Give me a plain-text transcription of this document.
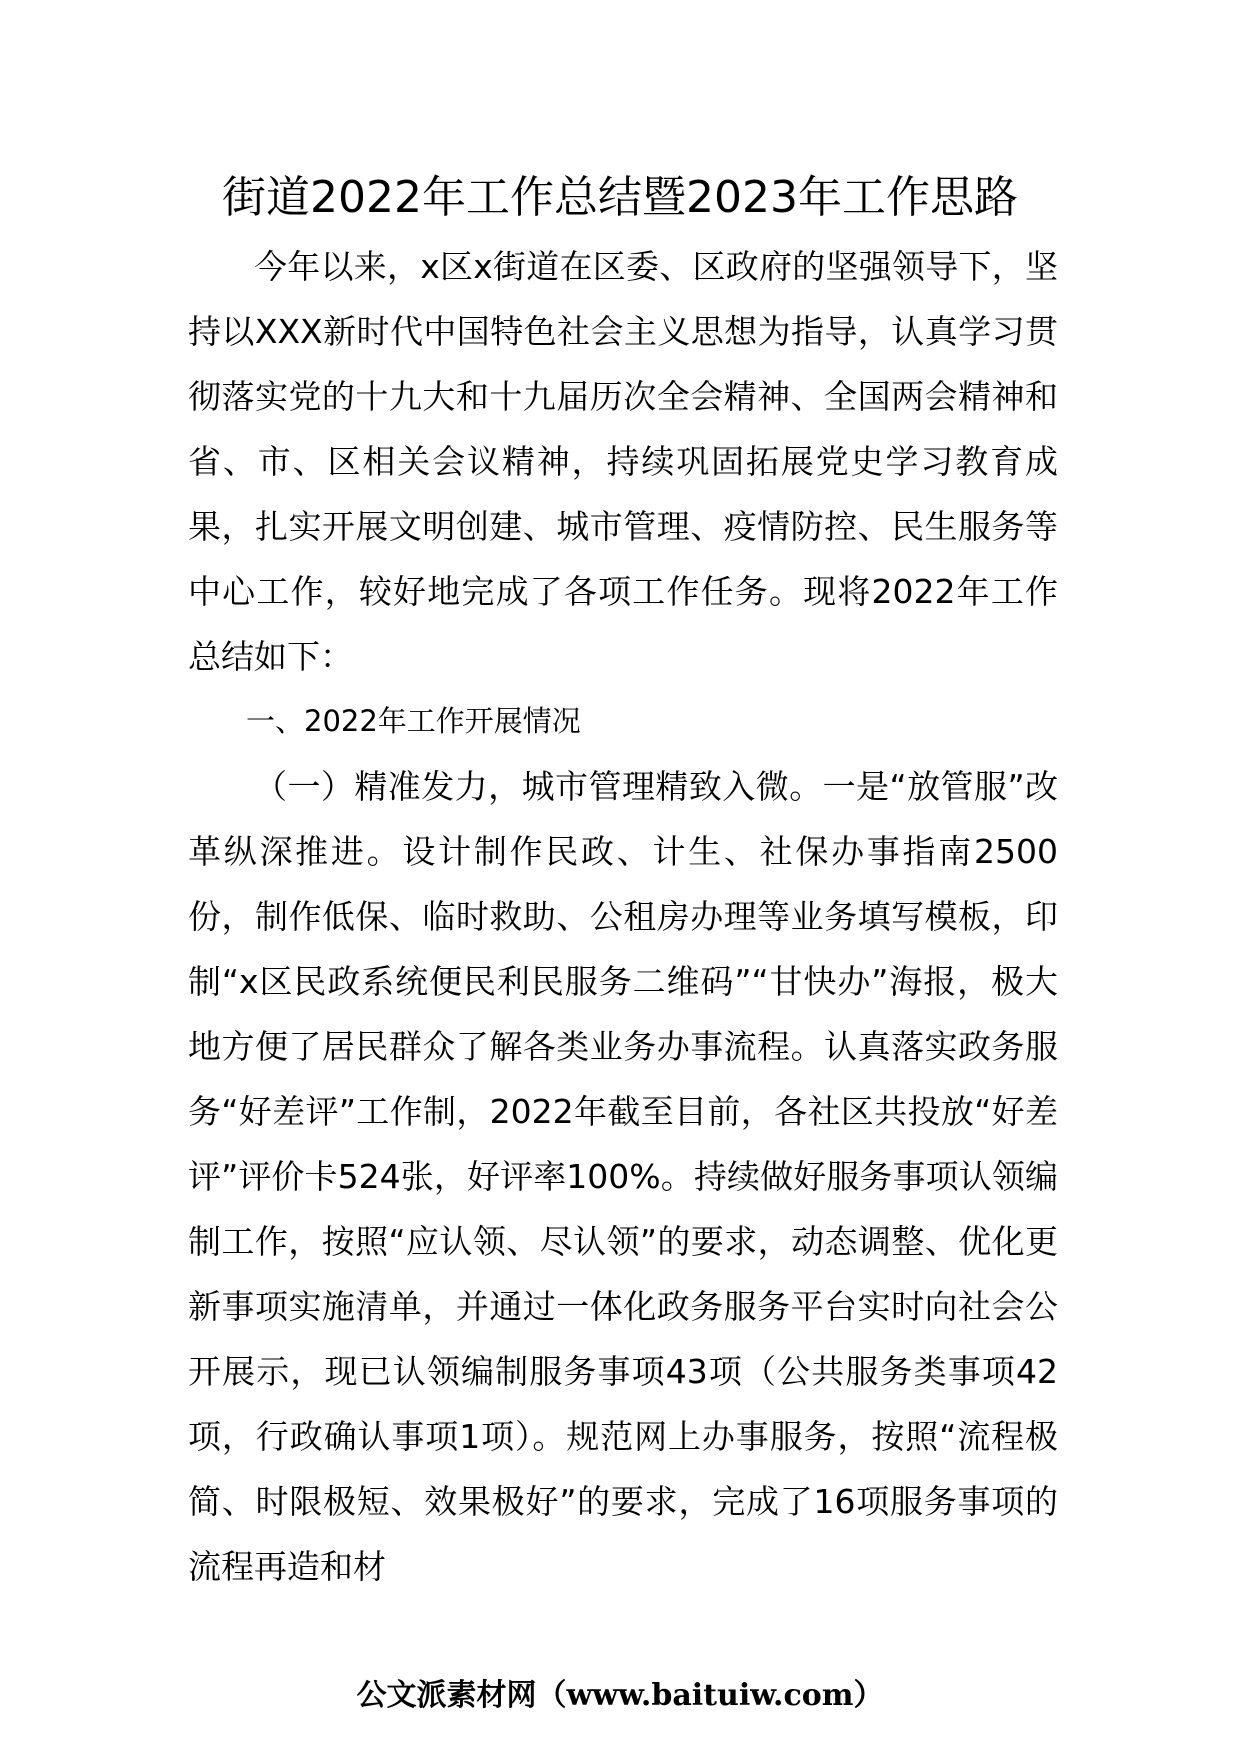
街道2022年工作总结暨2023年工作思路

今年以来，x区x街道在区委、区政府的坚强领导下，坚持以XXX新时代中国特色社会主义思想为指导，认真学习贯彻落实党的十九大和十九届历次全会精神、全国两会精神和省、市、区相关会议精神，持续巩固拓展党史学习教育成果，扎实开展文明创建、城市管理、疫情防控、民生服务等中心工作，较好地完成了各项工作任务。现将2022年工作总结如下：

一、2022年工作开展情况

（一）精准发力，城市管理精致入微。一是“放管服”改革纵深推进。设计制作民政、计生、社保办事指南2500份，制作低保、临时救助、公租房办理等业务填写模板，印制“x区民政系统便民利民服务二维码”“甘快办”海报，极大地方便了居民群众了解各类业务办事流程。认真落实政务服务“好差评”工作制，2022年截至目前，各社区共投放“好差评”评价卡524张，好评率100%。持续做好服务事项认领编制工作，按照“应认领、尽认领”的要求，动态调整、优化更新事项实施清单，并通过一体化政务服务平台实时向社会公开展示，现已认领编制服务事项43项（公共服务类事项42项，行政确认事项1项）。规范网上办事服务，按照“流程极简、时限极短、效果极好”的要求，完成了16项服务事项的流程再造和材

公文派素材网（www.baituiw.com）
